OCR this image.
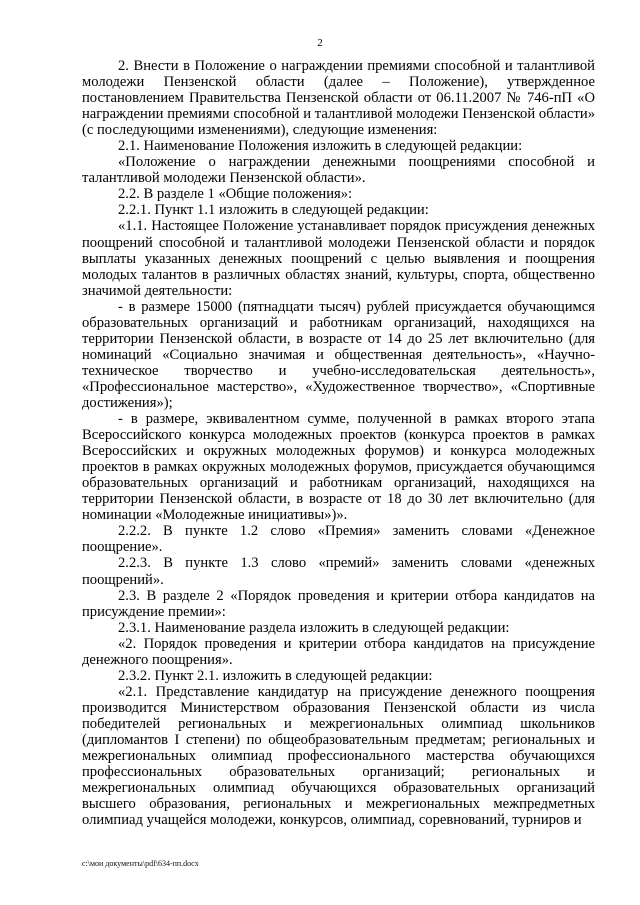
2

2. Внести в Положение о награждении премиями способной и талантливой молодежи Пензенской области (далее – Положение), утвержденное постановлением Правительства Пензенской области от 06.11.2007 № 746-пП «О награждении премиями способной и талантливой молодежи Пензенской области» (с последующими изменениями), следующие изменения:

2.1. Наименование Положения изложить в следующей редакции:

«Положение о награждении денежными поощрениями способной и талантливой молодежи Пензенской области».

2.2. В разделе 1 «Общие положения»:

2.2.1. Пункт 1.1 изложить в следующей редакции:

«1.1. Настоящее Положение устанавливает порядок присуждения денежных поощрений способной и талантливой молодежи Пензенской области и порядок выплаты указанных денежных поощрений с целью выявления и поощрения молодых талантов в различных областях знаний, культуры, спорта, общественно значимой деятельности:

- в размере 15000 (пятнадцати тысяч) рублей присуждается обучающимся образовательных организаций и работникам организаций, находящихся на территории Пензенской области, в возрасте от 14 до 25 лет включительно (для номинаций «Социально значимая и общественная деятельность», «Научно-техническое творчество и учебно-исследовательская деятельность», «Профессиональное мастерство», «Художественное творчество», «Спортивные достижения»);

- в размере, эквивалентном сумме, полученной в рамках второго этапа Всероссийского конкурса молодежных проектов (конкурса проектов в рамках Всероссийских и окружных молодежных форумов) и конкурса молодежных проектов в рамках окружных молодежных форумов, присуждается обучающимся образовательных организаций и работникам организаций, находящихся на территории Пензенской области, в возрасте от 18 до 30 лет включительно (для номинации «Молодежные инициативы»)».

2.2.2. В пункте 1.2 слово «Премия» заменить словами «Денежное поощрение».

2.2.3. В пункте 1.3 слово «премий» заменить словами «денежных поощрений».

2.3. В разделе 2 «Порядок проведения и критерии отбора кандидатов на присуждение премии»:

2.3.1. Наименование раздела изложить в следующей редакции:

«2. Порядок проведения и критерии отбора кандидатов на присуждение денежного поощрения».

2.3.2. Пункт 2.1. изложить в следующей редакции:

«2.1. Представление кандидатур на присуждение денежного поощрения производится Министерством образования Пензенской области из числа победителей региональных и межрегиональных олимпиад школьников (дипломантов I степени) по общеобразовательным предметам; региональных и межрегиональных олимпиад профессионального мастерства обучающихся профессиональных образовательных организаций; региональных и межрегиональных олимпиад обучающихся образовательных организаций высшего образования, региональных и межрегиональных межпредметных олимпиад учащейся молодежи, конкурсов, олимпиад, соревнований, турниров и

c:\мои документы\pdf\634-пп.docx
